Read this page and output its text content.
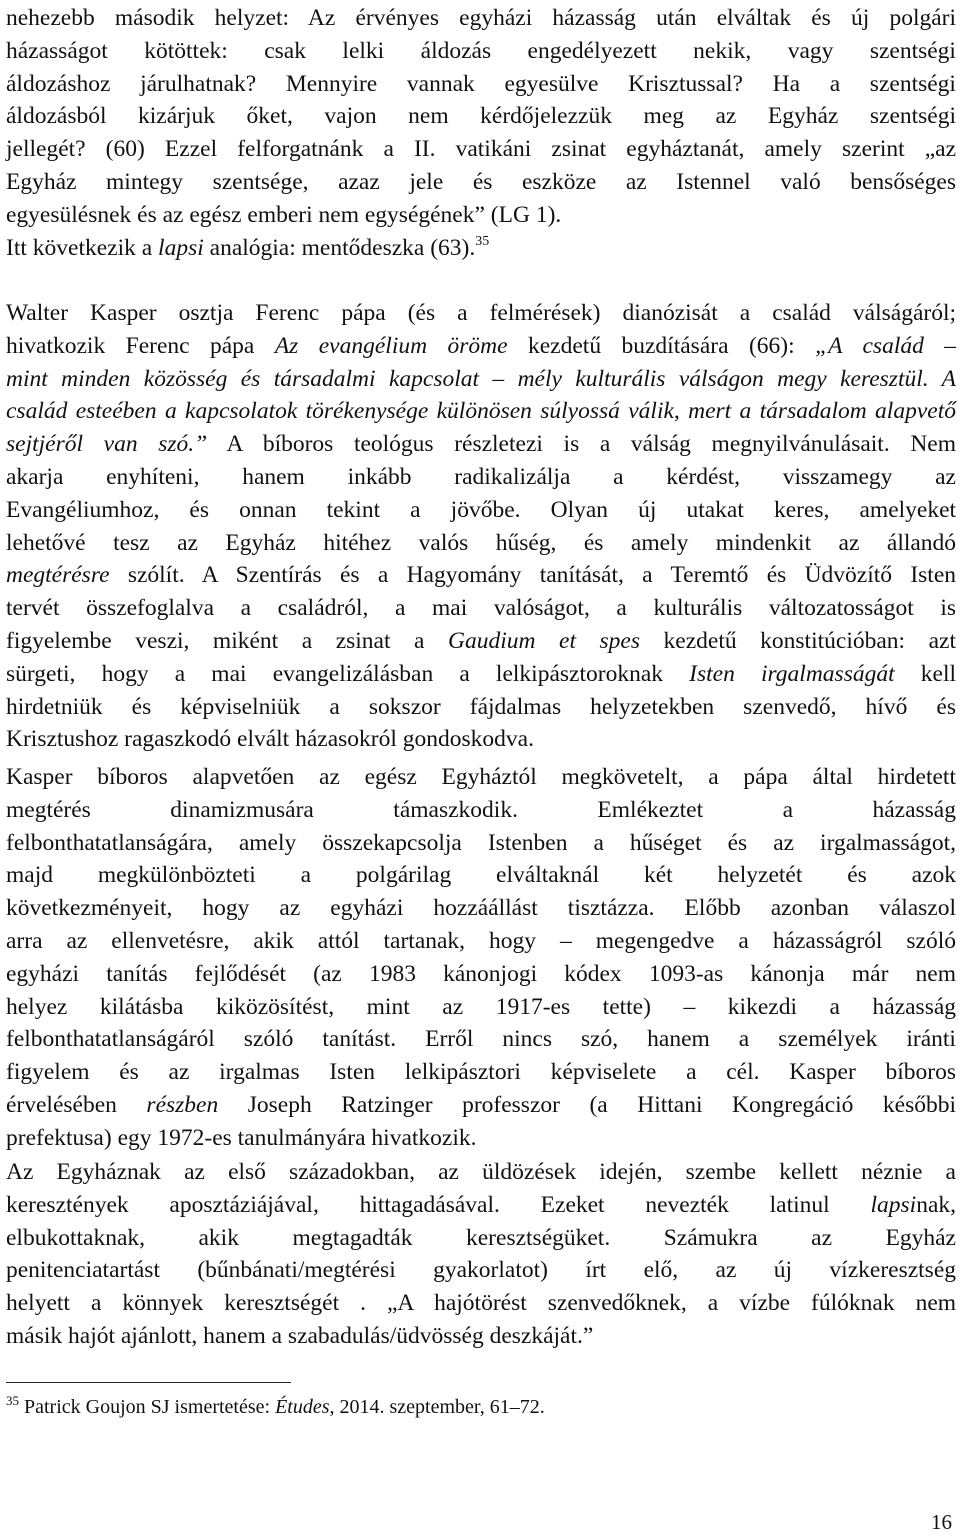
nehezebb második helyzet: Az érvényes egyházi házasság után elváltak és új polgári
házasságot kötöttek: csak lelki áldozás engedélyezett nekik, vagy szentségi
áldozáshoz járulhatnak? Mennyire vannak egyesülve Krisztussal? Ha a szentségi
áldozásból kizárjuk őket, vajon nem kérdőjelezzük meg az Egyház szentségi
jellegét? (60) Ezzel felforgatnánk a II. vatikáni zsinat egyháztanát, amely szerint „az
Egyház mintegy szentsége, azaz jele és eszköze az Istennel való bensőséges
egyesülésnek és az egész emberi nem egységének” (LG 1).
Itt következik a lapsi analógia: mentődeszka (63).$^{35}$
Walter Kasper osztja Ferenc pápa (és a felmérések) dianózisát a család válságáról;
hivatkozik Ferenc pápa Az evangélium öröme kezdetű buzdítására (66): „A család –
mint minden közösség és társadalmi kapcsolat – mély kulturális válságon megy keresztül. A
család esteében a kapcsolatok törékenysége különösen súlyossá válik, mert a társadalom alapvető
sejtjéről van szó.” A bíboros teológus részletezi is a válság megnyilvánulásait. Nem
akarja enyhíteni, hanem inkább radikalizálja a kérdést, visszamegy az
Evangéliumhoz, és onnan tekint a jövőbe. Olyan új utakat keres, amelyeket
lehetővé tesz az Egyház hitéhez valós hűség, és amely mindenkit az állandó
megtérésre szólít. A Szentírás és a Hagyomány tanítását, a Teremtő és Üdvözítő Isten
tervét összefoglalva a családról, a mai valóságot, a kulturális változatosságot is
figyelembe veszi, miként a zsinat a Gaudium et spes kezdetű konstitúcióban: azt
sürgeti, hogy a mai evangelizálásban a lelkipásztoroknak Isten irgalmasságát kell
hirdetniük és képviselniük a sokszor fájdalmas helyzetekben szenvedő, hívő és
Krisztushoz ragaszkodó elvált házasokról gondoskodva.
Kasper bíboros alapvetően az egész Egyháztól megkövetelt, a pápa által hirdetett
megtérés dinamizmusára támaszkodik. Emlékeztet a házasság
felbonthatatlanságára, amely összekapcsolja Istenben a hűséget és az irgalmasságot,
majd megkülönbözteti a polgárilag elváltaknál két helyzetét és azok
következményeit, hogy az egyházi hozzáállást tisztázza. Előbb azonban válaszol
arra az ellenvetésre, akik attól tartanak, hogy – megengedve a házasságról szóló
egyházi tanítás fejlődését (az 1983 kánonjogi kódex 1093-as kánonja már nem
helyez kilátásba kiközösítést, mint az 1917-es tette) – kikezdi a házasság
felbonthatatlanságáról szóló tanítást. Erről nincs szó, hanem a személyek iránti
figyelem és az irgalmas Isten lelkipásztori képviselete a cél. Kasper bíboros
érvelésében részben Joseph Ratzinger professzor (a Hittani Kongregáció későbbi
prefektusa) egy 1972-es tanulmányára hivatkozik.
Az Egyháznak az első századokban, az üldözések idején, szembe kellett néznie a
keresztények aposztáziájával, hittagadásával. Ezeket nevezték latinul lapsinak,
elbukottaknak, akik megtagadták keresztségüket. Számukra az Egyház
penitenciatartást (bűnbánati/megtérési gyakorlatot) írt elő, az új vízkeresztség
helyett a könnyek keresztségét . „A hajótörést szenvedőknek, a vízbe fúlóknak nem
másik hajót ajánlott, hanem a szabadulás/üdvösség deszkáját.”
$^{35}$ Patrick Goujon SJ ismertetése: Études, 2014. szeptember, 61–72.
16
